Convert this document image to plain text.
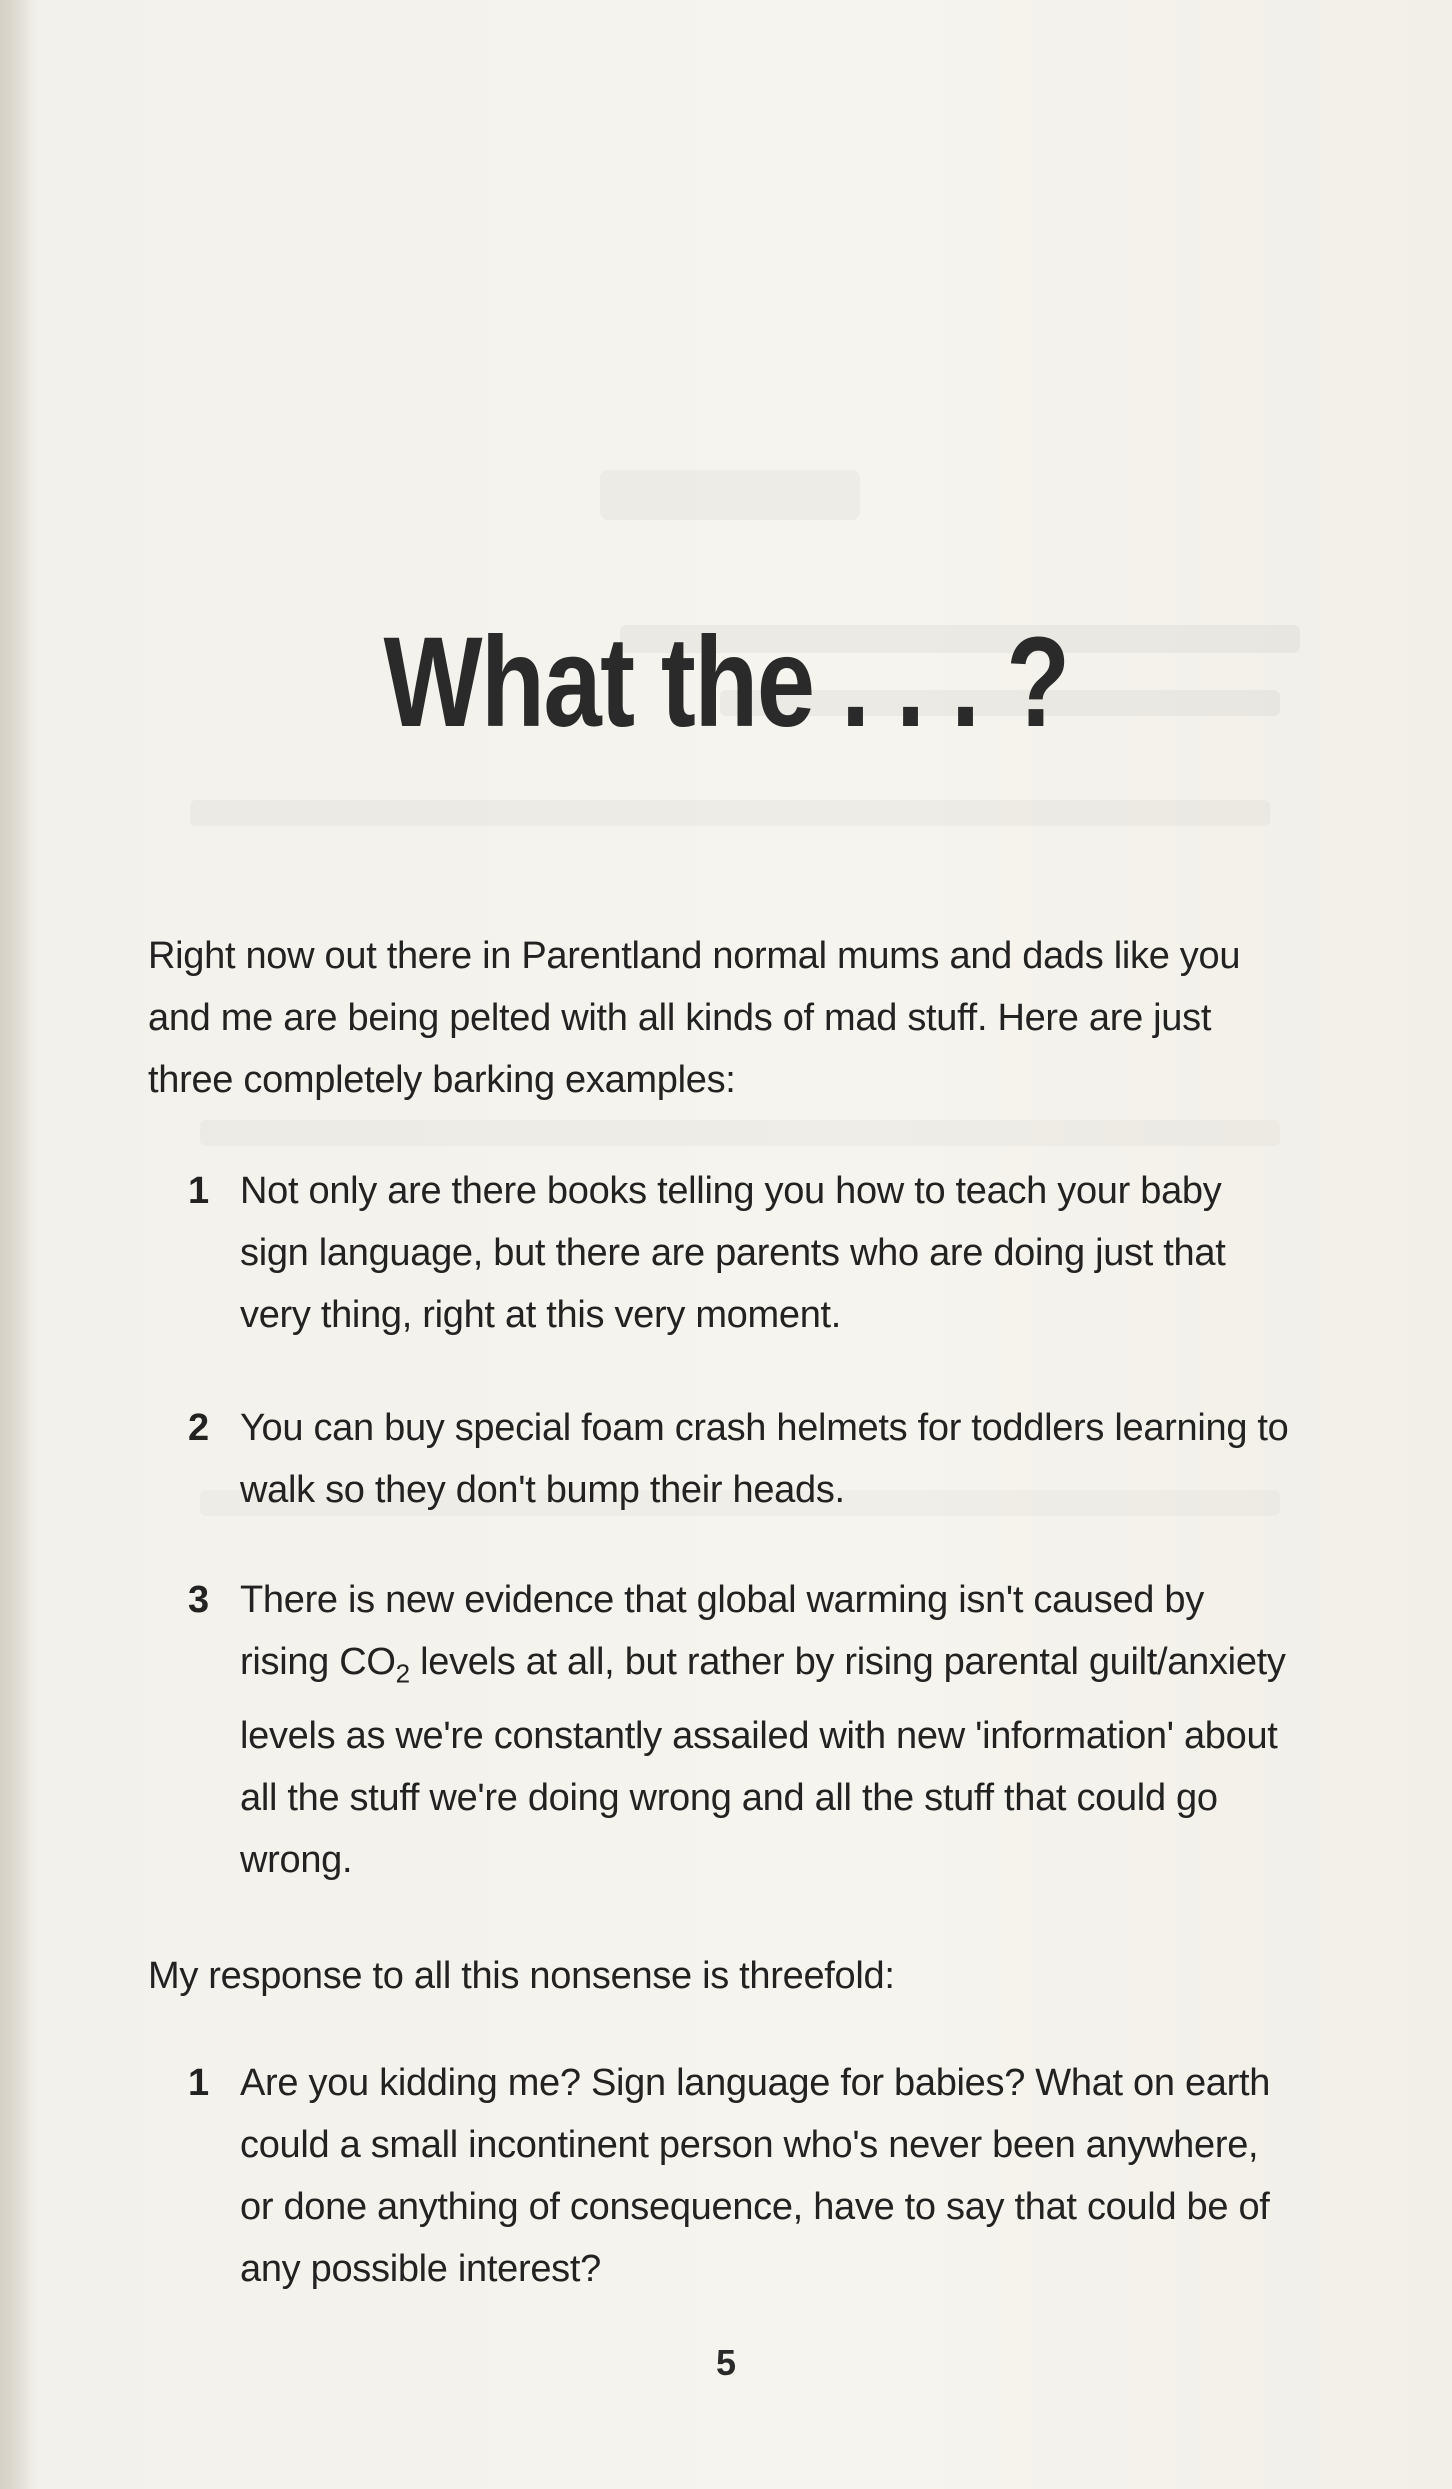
What the . . . ?
Right now out there in Parentland normal mums and dads like you and me are being pelted with all kinds of mad stuff. Here are just three completely barking examples:
1 Not only are there books telling you how to teach your baby sign language, but there are parents who are doing just that very thing, right at this very moment.
2 You can buy special foam crash helmets for toddlers learning to walk so they don't bump their heads.
3 There is new evidence that global warming isn't caused by rising $CO_2$ levels at all, but rather by rising parental guilt/anxiety levels as we're constantly assailed with new 'information' about all the stuff we're doing wrong and all the stuff that could go wrong.
My response to all this nonsense is threefold:
1 Are you kidding me? Sign language for babies? What on earth could a small incontinent person who's never been anywhere, or done anything of consequence, have to say that could be of any possible interest?
5
